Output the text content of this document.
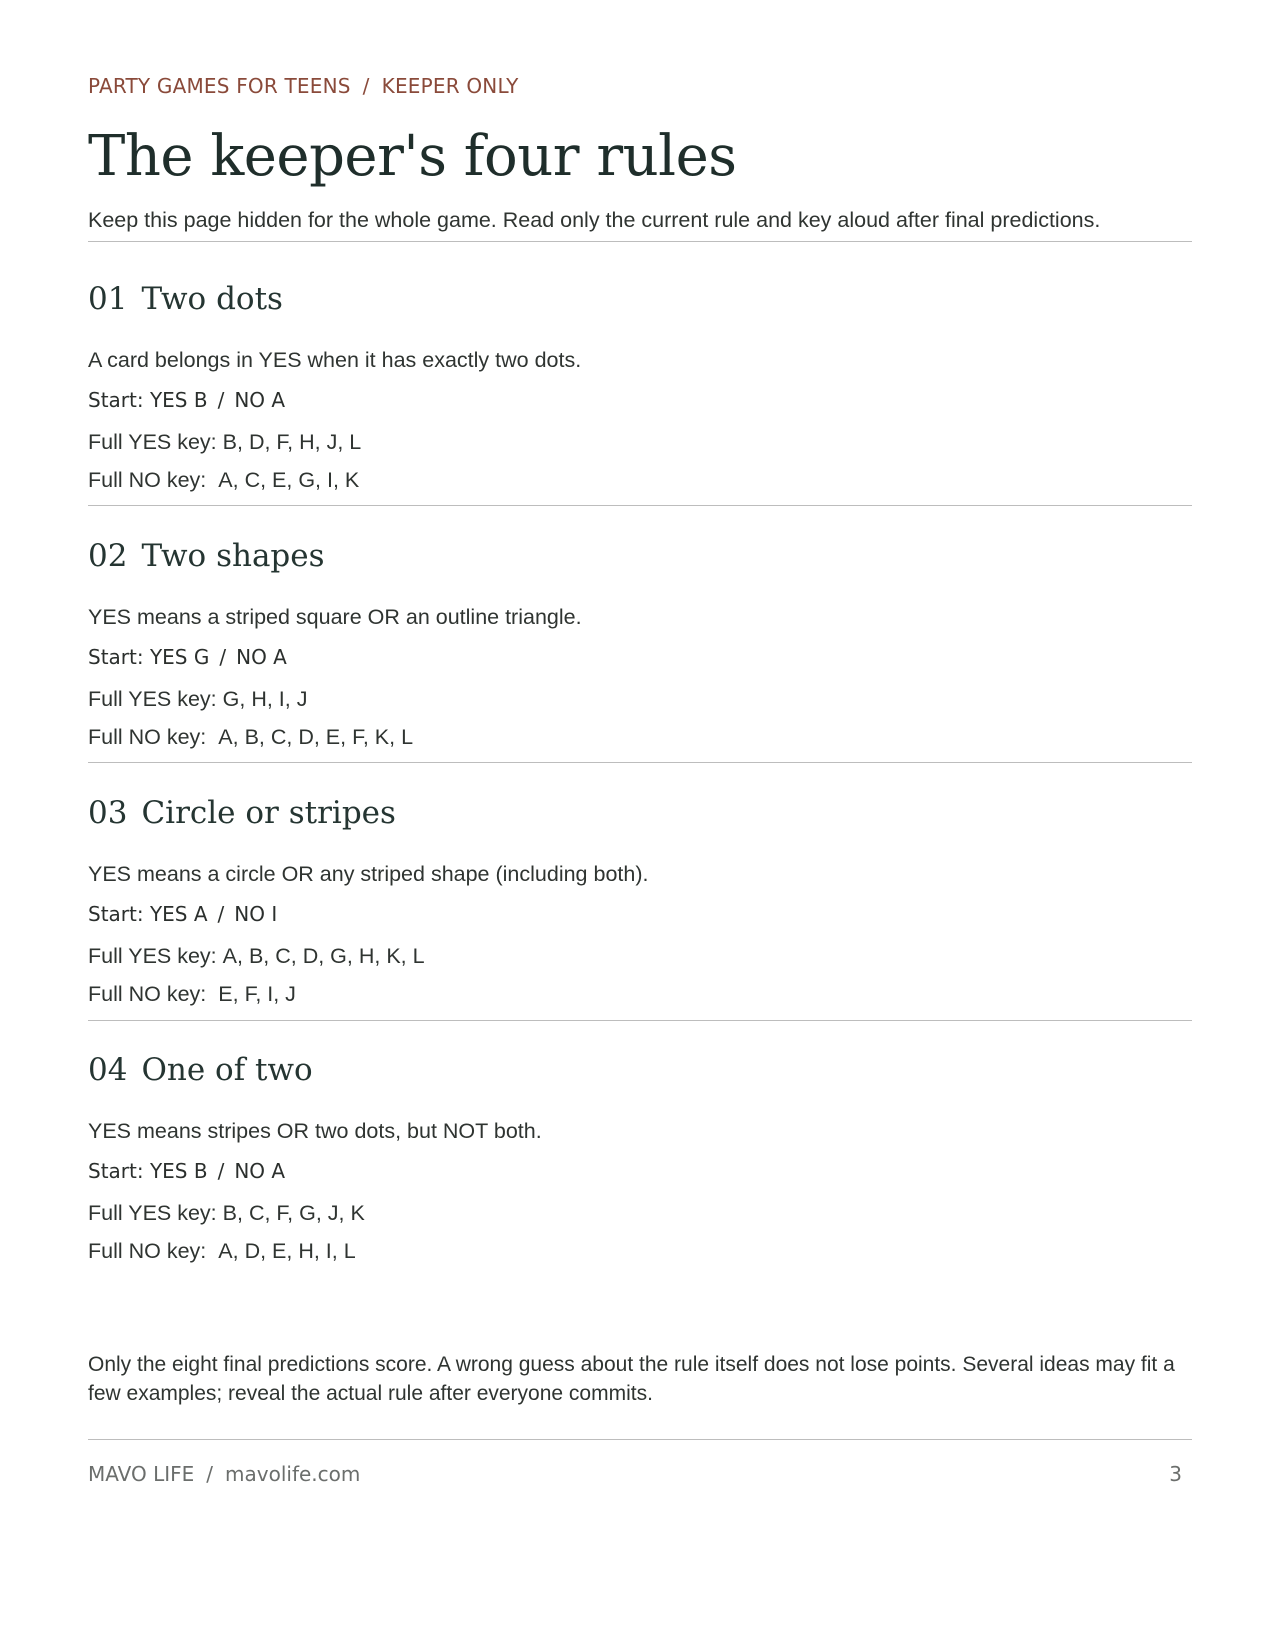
PARTY GAMES FOR TEENS / KEEPER ONLY
The keeper's four rules
Keep this page hidden for the whole game. Read only the current rule and key aloud after final predictions.
01 Two dots
A card belongs in YES when it has exactly two dots.
Start: YES B / NO A
Full YES key: B, D, F, H, J, L
Full NO key: A, C, E, G, I, K
02 Two shapes
YES means a striped square OR an outline triangle.
Start: YES G / NO A
Full YES key: G, H, I, J
Full NO key: A, B, C, D, E, F, K, L
03 Circle or stripes
YES means a circle OR any striped shape (including both).
Start: YES A / NO I
Full YES key: A, B, C, D, G, H, K, L
Full NO key: E, F, I, J
04 One of two
YES means stripes OR two dots, but NOT both.
Start: YES B / NO A
Full YES key: B, C, F, G, J, K
Full NO key: A, D, E, H, I, L
Only the eight final predictions score. A wrong guess about the rule itself does not lose points. Several ideas may fit a few examples; reveal the actual rule after everyone commits.
MAVO LIFE / mavolife.com	3
